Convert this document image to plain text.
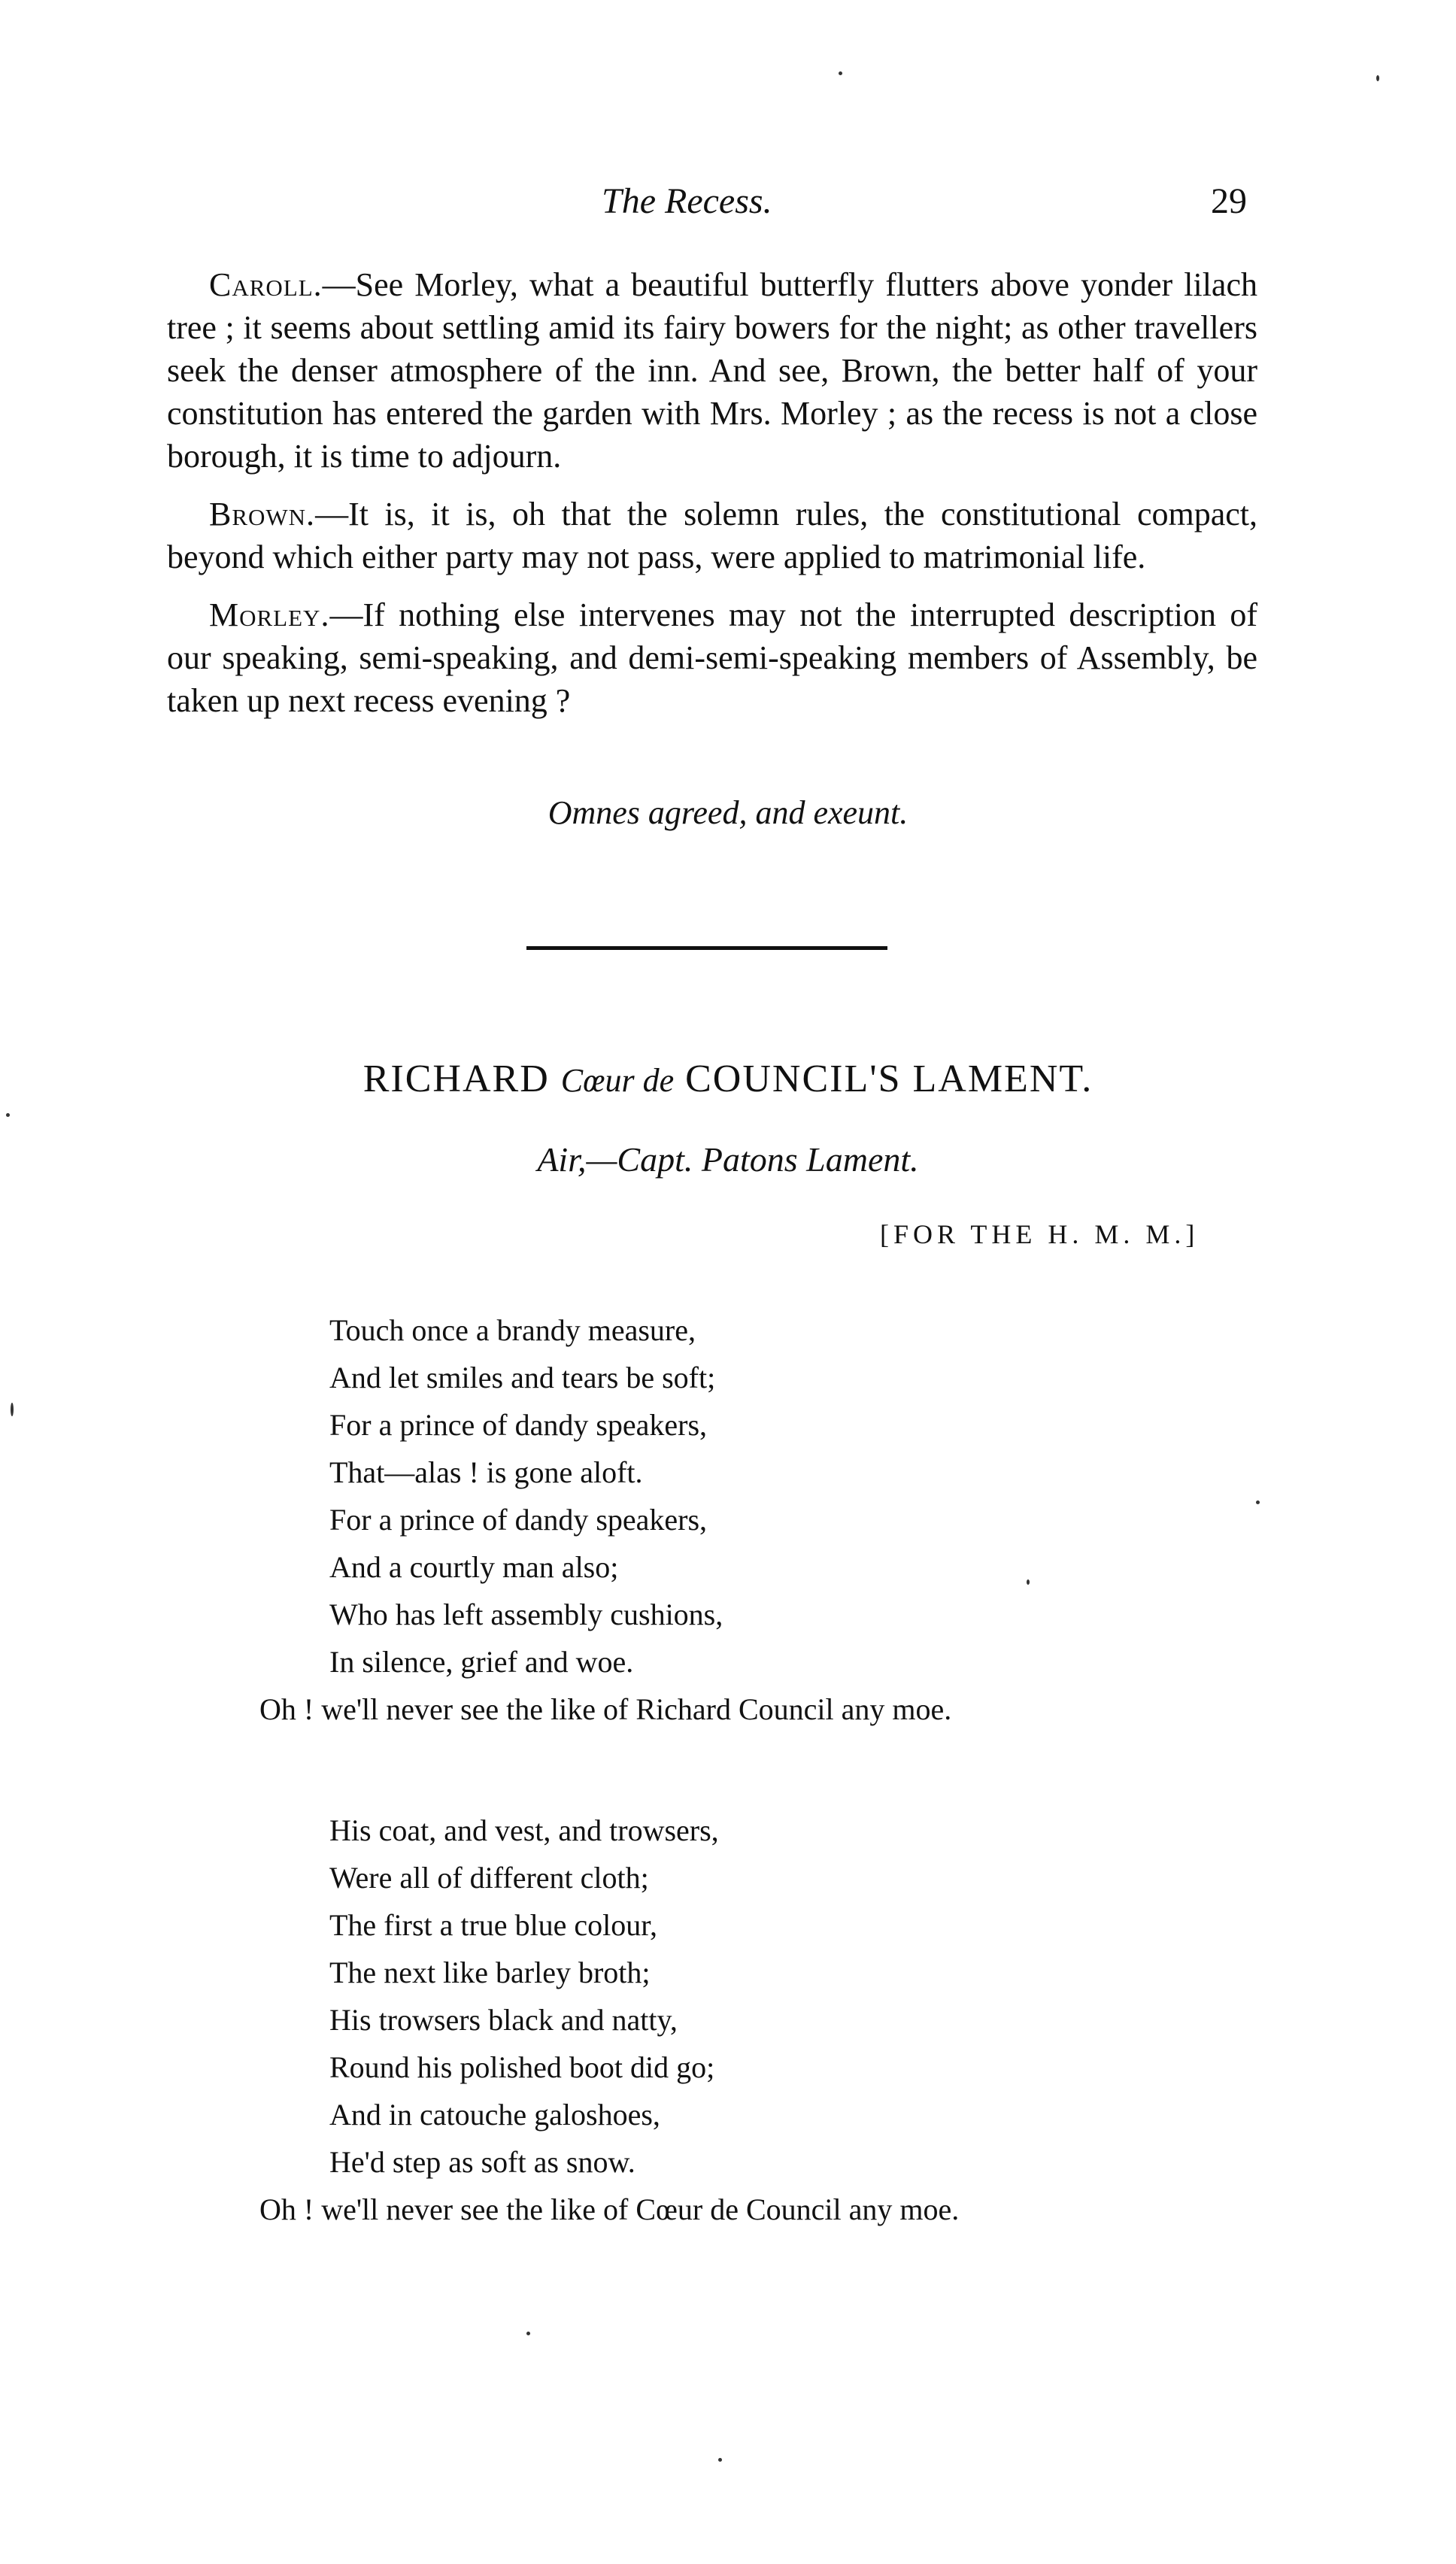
The Recess.	29

Caroll.—See Morley, what a beautiful butterfly flutters above yonder lilach tree ; it seems about settling amid its fairy bowers for the night; as other travellers seek the denser atmosphere of the inn. And see, Brown, the better half of your constitution has entered the garden with Mrs. Morley ; as the recess is not a close borough, it is time to adjourn.

Brown.—It is, it is, oh that the solemn rules, the constitutional compact, beyond which either party may not pass, were applied to matrimonial life.

Morley.—If nothing else intervenes may not the interrupted description of our speaking, semi-speaking, and demi-semi-speaking members of Assembly, be taken up next recess evening ?

Omnes agreed, and exeunt.
RICHARD Cœur de COUNCIL'S LAMENT.
Air,—Capt. Patons Lament.
[FOR THE H. M. M.]
Touch once a brandy measure,
And let smiles and tears be soft;
For a prince of dandy speakers,
That—alas ! is gone aloft.
For a prince of dandy speakers,
And a courtly man also;
Who has left assembly cushions,
In silence, grief and woe.
Oh ! we'll never see the like of Richard Council any moe.
His coat, and vest, and trowsers,
Were all of different cloth;
The first a true blue colour,
The next like barley broth;
His trowsers black and natty,
Round his polished boot did go;
And in catouche galoshoes,
He'd step as soft as snow.
Oh ! we'll never see the like of Cœur de Council any moe.
